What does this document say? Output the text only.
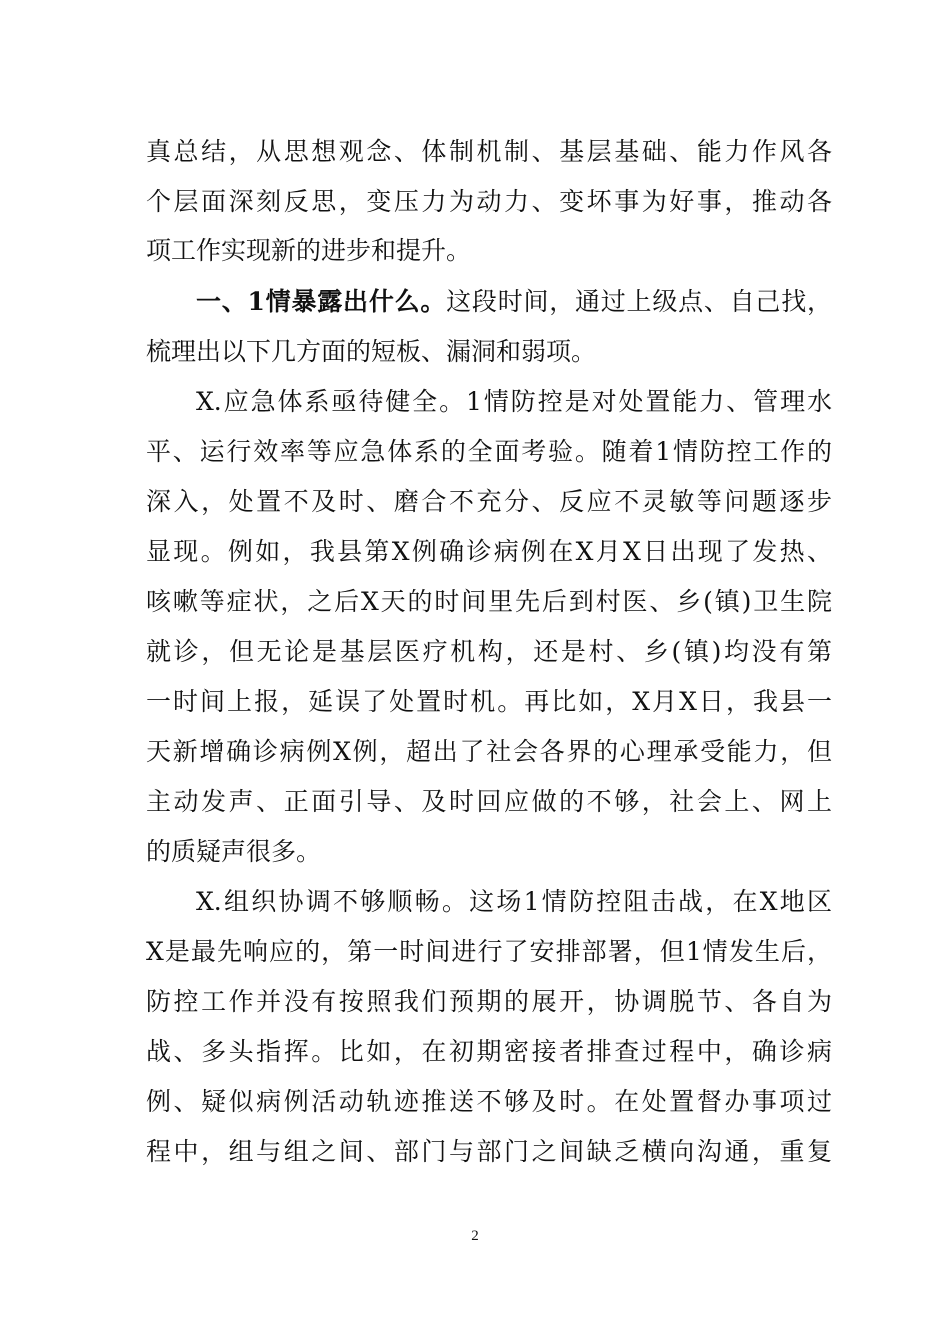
真总结，从思想观念、体制机制、基层基础、能力作风各
个层面深刻反思，变压力为动力、变坏事为好事，推动各
项工作实现新的进步和提升。
一、1情暴露出什么。这段时间，通过上级点、自己找，
梳理出以下几方面的短板、漏洞和弱项。
X.应急体系亟待健全。1情防控是对处置能力、管理水
平、运行效率等应急体系的全面考验。随着1情防控工作的
深入，处置不及时、磨合不充分、反应不灵敏等问题逐步
显现。例如，我县第X例确诊病例在X月X日出现了发热、
咳嗽等症状，之后X天的时间里先后到村医、乡(镇)卫生院
就诊，但无论是基层医疗机构，还是村、乡(镇)均没有第
一时间上报，延误了处置时机。再比如，X月X日，我县一
天新增确诊病例X例，超出了社会各界的心理承受能力，但
主动发声、正面引导、及时回应做的不够，社会上、网上
的质疑声很多。
X.组织协调不够顺畅。这场1情防控阻击战，在X地区
X是最先响应的，第一时间进行了安排部署，但1情发生后，
防控工作并没有按照我们预期的展开，协调脱节、各自为
战、多头指挥。比如，在初期密接者排查过程中，确诊病
例、疑似病例活动轨迹推送不够及时。在处置督办事项过
程中，组与组之间、部门与部门之间缺乏横向沟通，重复
2
